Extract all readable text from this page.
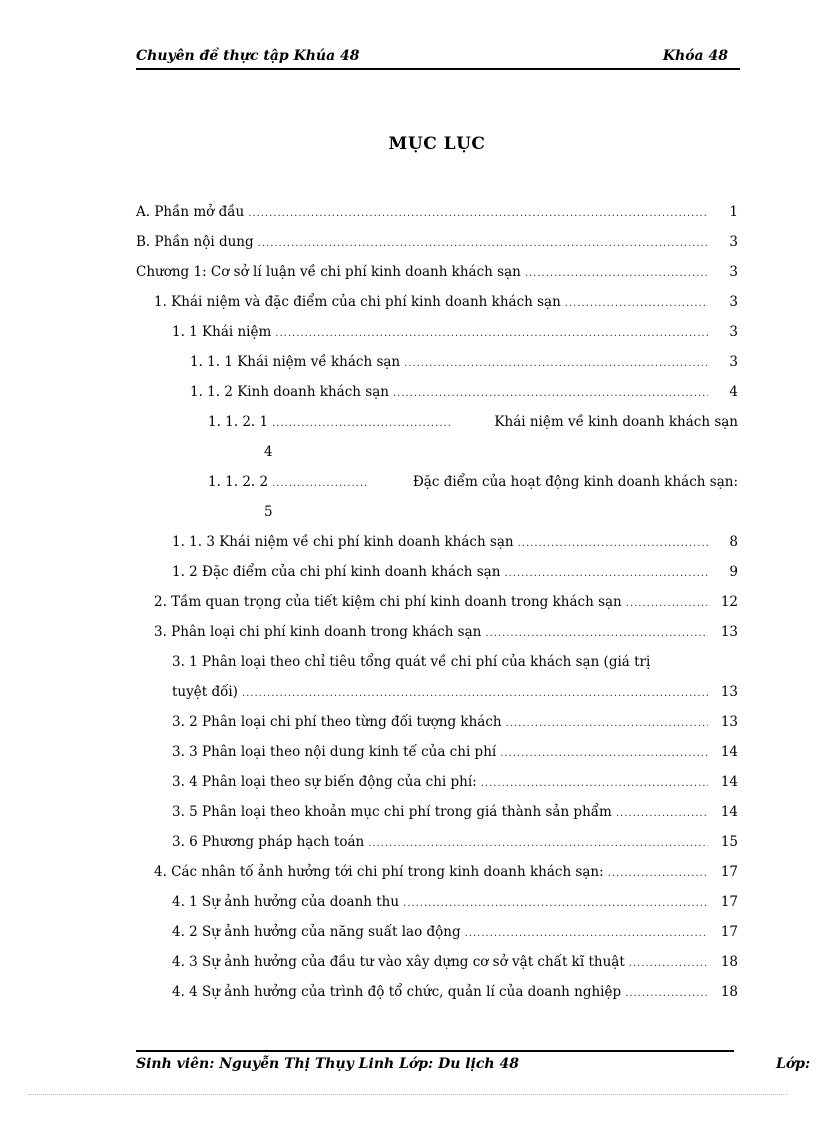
Chuyên đề thực tập Khúa 48	Khóa 48
MỤC LỤC
A. Phần mở đầu .....	1
B. Phần nội dung .....	3
Chương 1: Cơ sở lí luận về chi phí kinh doanh khách sạn .....	3
1. Khái niệm và đặc điểm của chi phí kinh doanh khách sạn .....	3
1. 1 Khái niệm .....	3
1. 1. 1 Khái niệm về khách sạn .....	3
1. 1. 2 Kinh doanh khách sạn .....	4
1. 1. 2. 1 .....	Khái niệm về kinh doanh khách sạn
4
1. 1. 2. 2 .....	Đặc điểm của hoạt động kinh doanh khách sạn:
5
1. 1. 3 Khái niệm về chi phí kinh doanh khách sạn .....	8
1. 2 Đặc điểm của chi phí kinh doanh khách sạn .....	9
2. Tầm quan trọng của tiết kiệm chi phí kinh doanh trong khách sạn .....	12
3. Phân loại chi phí kinh doanh trong khách sạn .....	13
3. 1 Phân loại theo chỉ tiêu tổng quát về chi phí của khách sạn (giá trị
tuyệt đối) .....	13
3. 2 Phân loại chi phí theo từng đối tượng khách .....	13
3. 3 Phân loại theo nội dung kinh tế của chi phí .....	14
3. 4 Phân loại theo sự biến động của chi phí: .....	14
3. 5 Phân loại theo khoản mục chi phí trong giá thành sản phẩm .....	14
3. 6 Phương pháp hạch toán .....	15
4. Các nhân tố ảnh hưởng tới chi phí trong kinh doanh khách sạn: .....	17
4. 1 Sự ảnh hưởng của doanh thu .....	17
4. 2 Sự ảnh hưởng của năng suất lao động .....	17
4. 3 Sự ảnh hưởng của đầu tư vào xây dựng cơ sở vật chất kĩ thuật .....	18
4. 4 Sự ảnh hưởng của trình độ tổ chức, quản lí của doanh nghiệp .....	18
Sinh viên: Nguyễn Thị Thụy Linh Lớp: Du lịch 48	Lớp:
